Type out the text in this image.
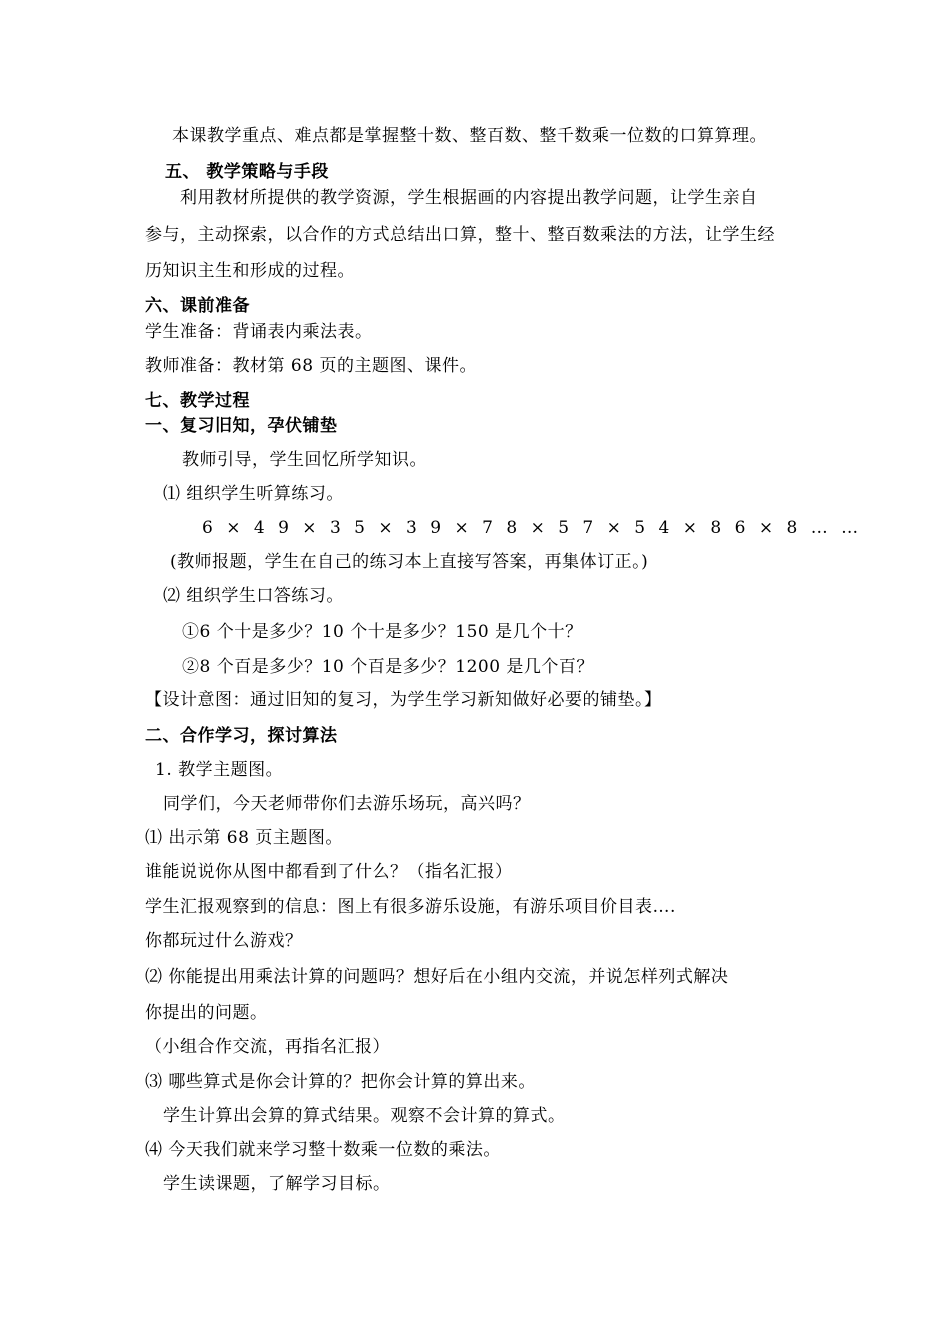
本课教学重点、难点都是掌握整十数、整百数、整千数乘一位数的口算算理。
五、 教学策略与手段
利用教材所提供的教学资源，学生根据画的内容提出教学问题，让学生亲自
参与，主动探索，以合作的方式总结出口算，整十、整百数乘法的方法，让学生经
历知识主生和形成的过程。
六、课前准备
学生准备：背诵表内乘法表。
教师准备：教材第 68 页的主题图、课件。
七、教学过程
一、复习旧知，孕伏铺垫
教师引导，学生回忆所学知识。
⑴ 组织学生听算练习。
6 × 4 9 × 3 5 × 3 9 × 7 8 × 5 7 × 5 4 × 8 6 × 8 … …
(教师报题，学生在自己的练习本上直接写答案，再集体订正。)
⑵ 组织学生口答练习。
①6 个十是多少？10 个十是多少？150 是几个十？
②8 个百是多少？10 个百是多少？1200 是几个百？
【设计意图：通过旧知的复习，为学生学习新知做好必要的铺垫。】
二、合作学习，探讨算法
1. 教学主题图。
同学们，今天老师带你们去游乐场玩，高兴吗？
⑴ 出示第 68 页主题图。
谁能说说你从图中都看到了什么？（指名汇报）
学生汇报观察到的信息：图上有很多游乐设施，有游乐项目价目表….
你都玩过什么游戏？
⑵ 你能提出用乘法计算的问题吗？想好后在小组内交流，并说怎样列式解决
你提出的问题。
（小组合作交流，再指名汇报）
⑶ 哪些算式是你会计算的？把你会计算的算出来。
学生计算出会算的算式结果。观察不会计算的算式。
⑷ 今天我们就来学习整十数乘一位数的乘法。
学生读课题，了解学习目标。
